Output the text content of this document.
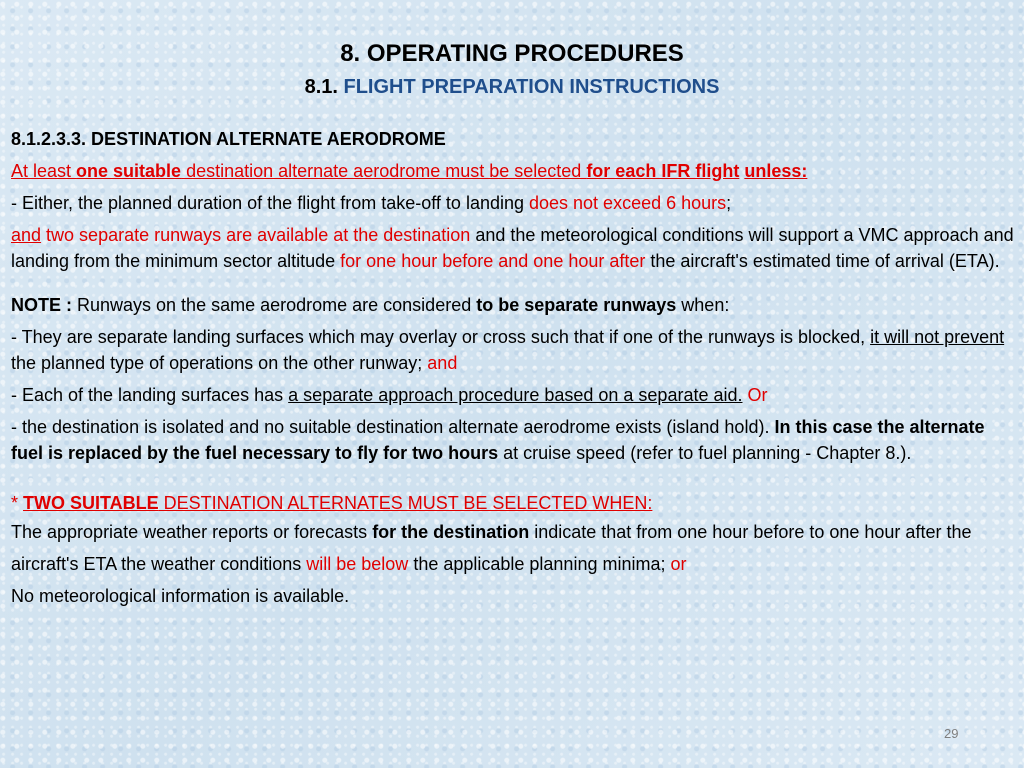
8. OPERATING PROCEDURES
8.1. FLIGHT PREPARATION INSTRUCTIONS

8.1.2.3.3. DESTINATION ALTERNATE AERODROME

At least one suitable destination alternate aerodrome must be selected for each IFR flight unless:

- Either, the planned duration of the flight from take-off to landing does not exceed 6 hours;

and two separate runways are available at the destination and the meteorological conditions will support a VMC approach and landing from the minimum sector altitude for one hour before and one hour after the aircraft's estimated time of arrival (ETA).

NOTE : Runways on the same aerodrome are considered to be separate runways when:

- They are separate landing surfaces which may overlay or cross such that if one of the runways is blocked, it will not prevent the planned type of operations on the other runway; and

- Each of the landing surfaces has a separate approach procedure based on a separate aid. Or

- the destination is isolated and no suitable destination alternate aerodrome exists (island hold). In this case the alternate fuel is replaced by the fuel necessary to fly for two hours at cruise speed (refer to fuel planning - Chapter 8.).

* TWO SUITABLE DESTINATION ALTERNATES MUST BE SELECTED WHEN:

The appropriate weather reports or forecasts for the destination indicate that from one hour before to one hour after the aircraft's ETA the weather conditions will be below the applicable planning minima; or

No meteorological information is available.

29
